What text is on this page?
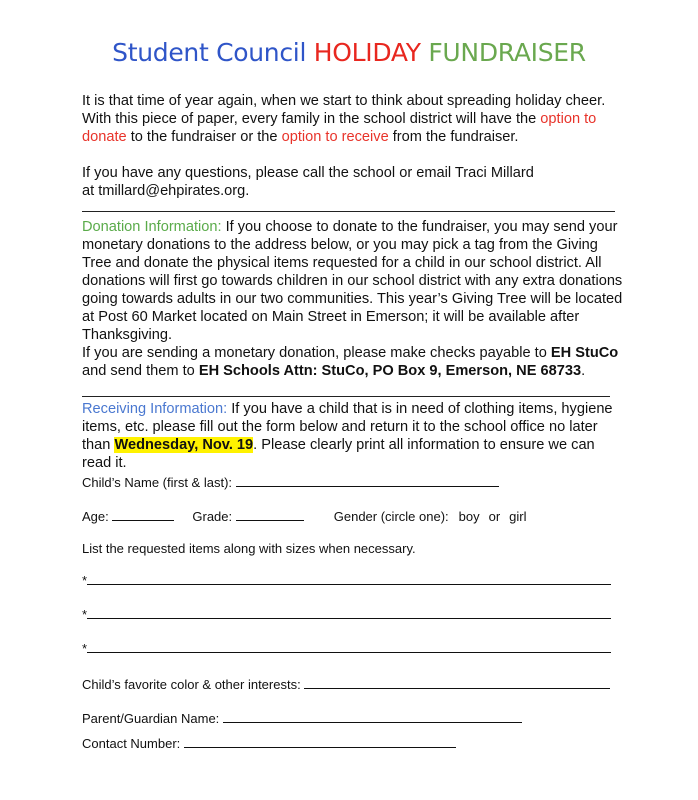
Student Council HOLIDAY FUNDRAISER
It is that time of year again, when we start to think about spreading holiday cheer. With this piece of paper, every family in the school district will have the option to donate to the fundraiser or the option to receive from the fundraiser.
If you have any questions, please call the school or email Traci Millard at tmillard@ehpirates.org.
Donation Information: If you choose to donate to the fundraiser, you may send your monetary donations to the address below, or you may pick a tag from the Giving Tree and donate the physical items requested for a child in our school district. All donations will first go towards children in our school district with any extra donations going towards adults in our two communities. This year’s Giving Tree will be located at Post 60 Market located on Main Street in Emerson; it will be available after Thanksgiving.
If you are sending a monetary donation, please make checks payable to EH StuCo and send them to EH Schools Attn: StuCo, PO Box 9, Emerson, NE 68733.
Receiving Information: If you have a child that is in need of clothing items, hygiene items, etc. please fill out the form below and return it to the school office no later than Wednesday, Nov. 19. Please clearly print all information to ensure we can read it.
Child’s Name (first & last):
Age:	Grade:	Gender (circle one): boy or girl
List the requested items along with sizes when necessary.
*
*
*
Child’s favorite color & other interests:
Parent/Guardian Name:
Contact Number:
